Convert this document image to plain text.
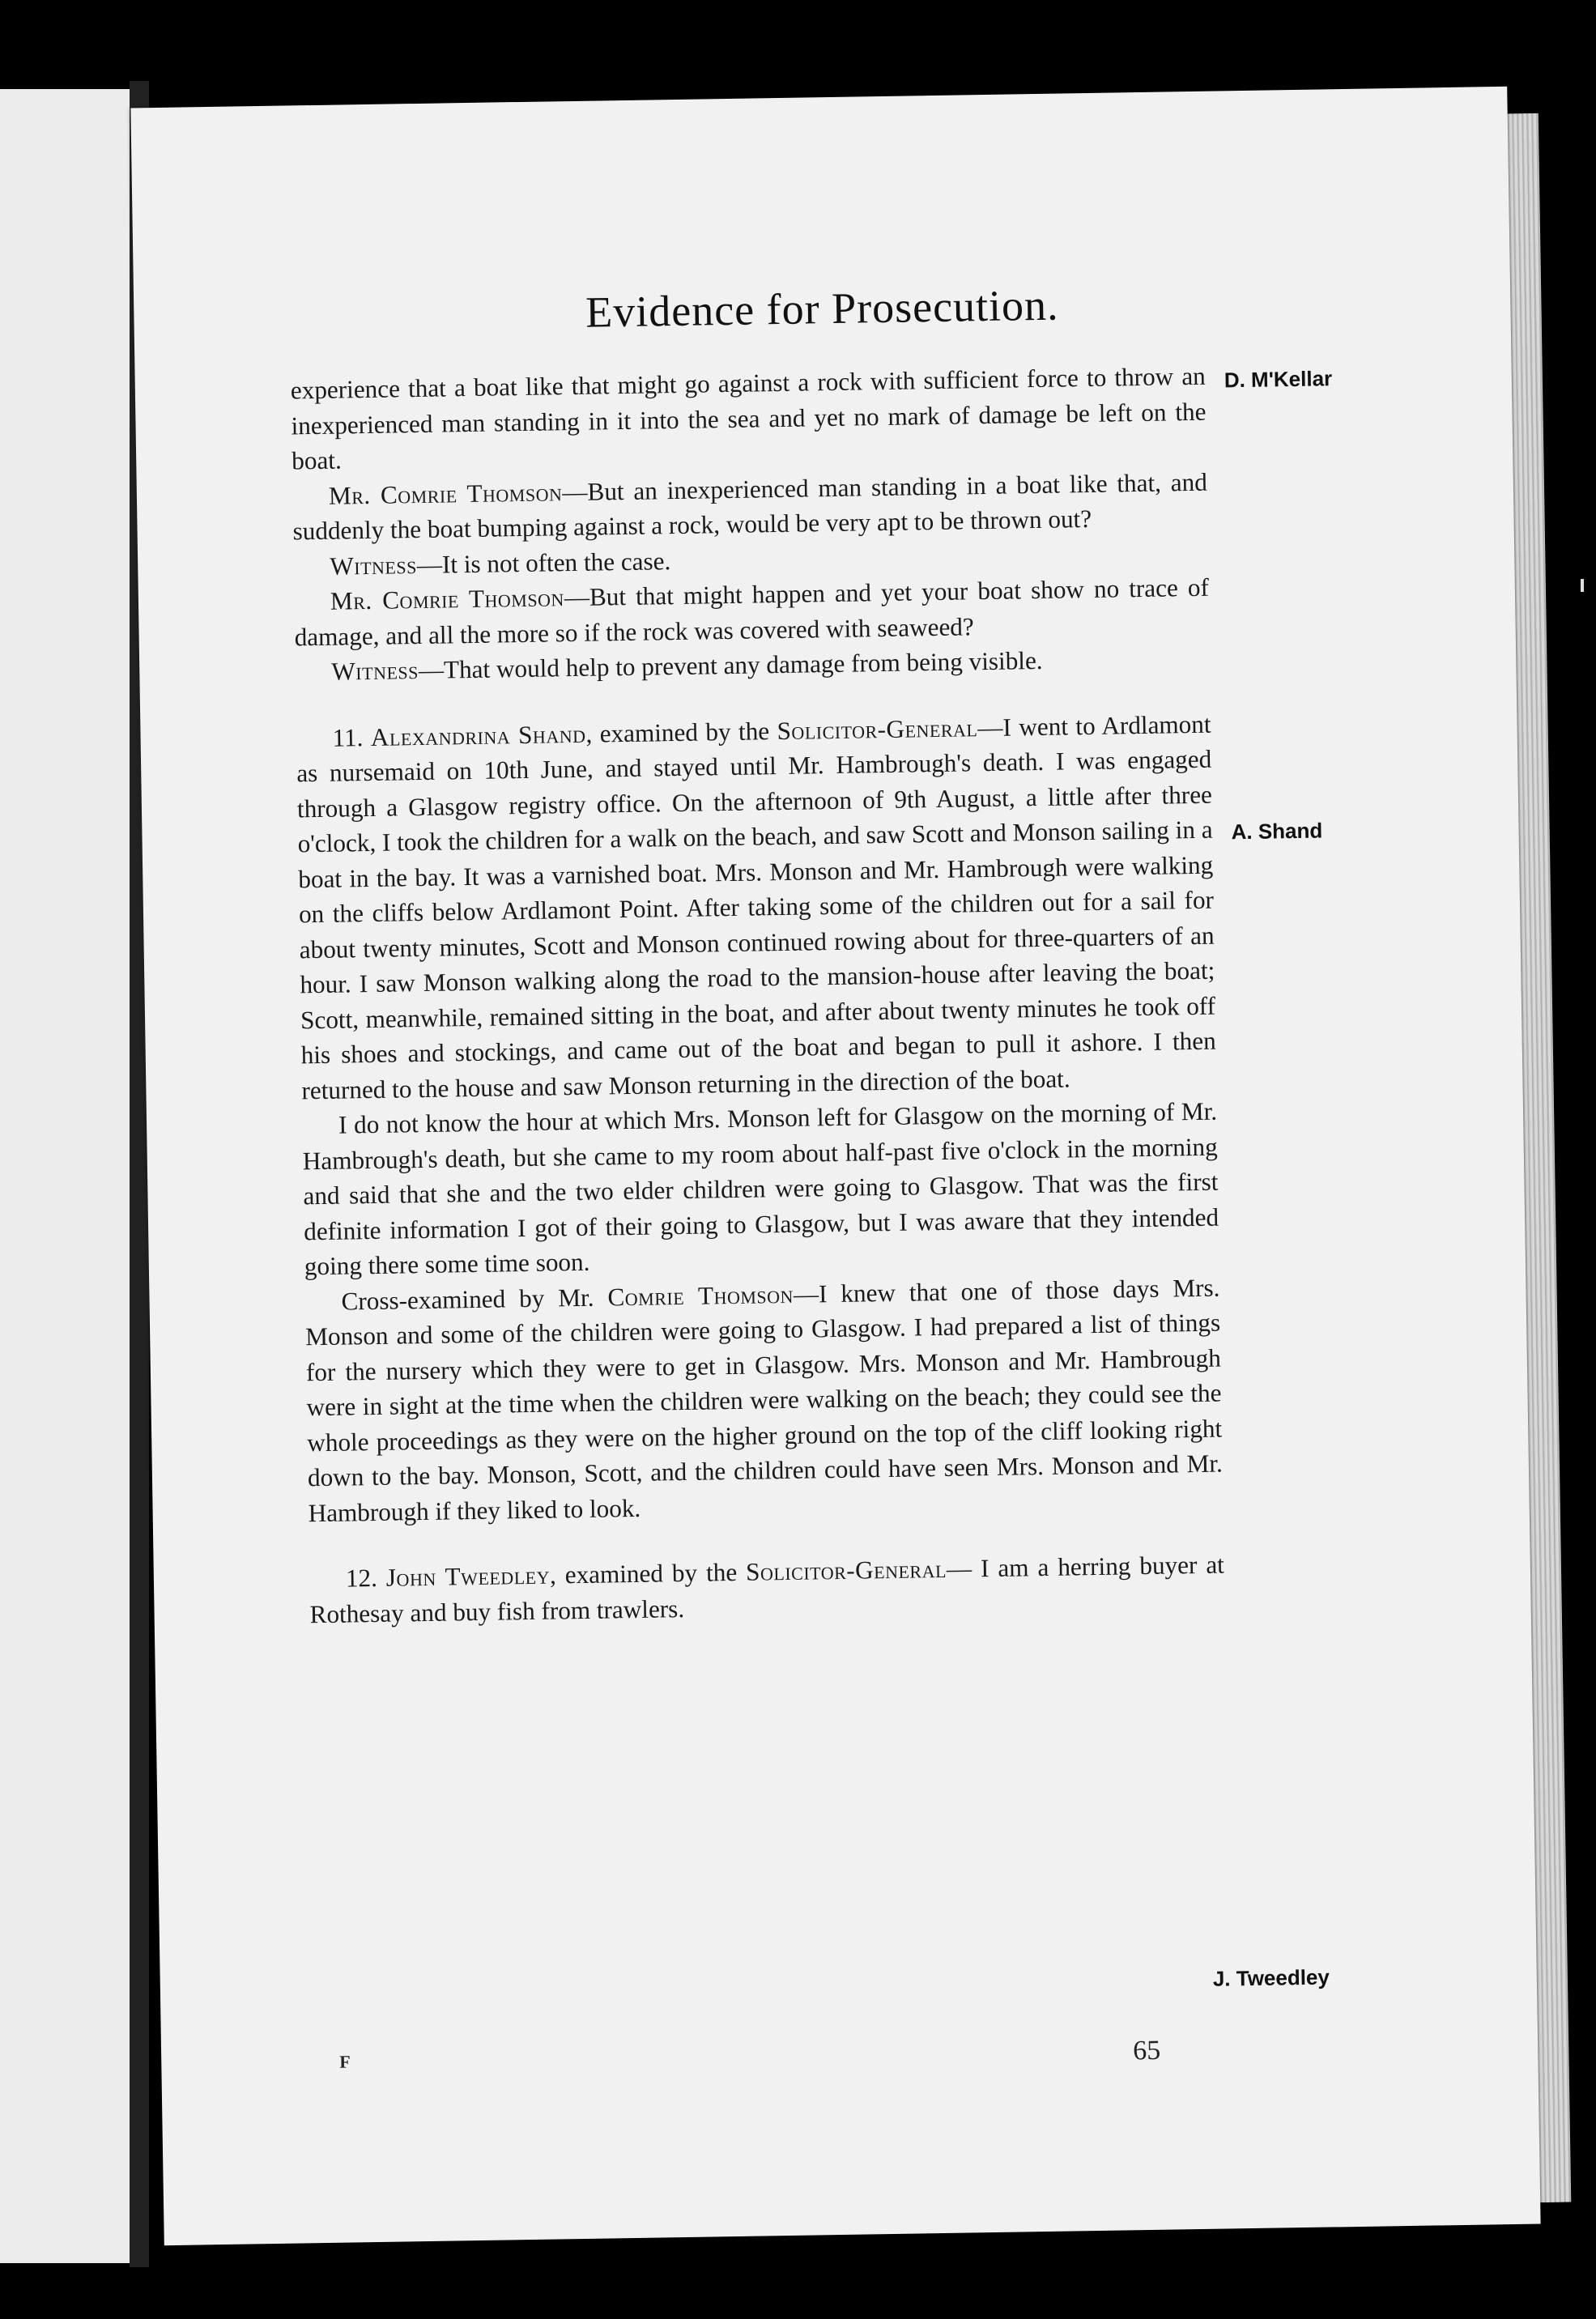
Evidence for Prosecution.

experience that a boat like that might go against a rock with sufficient force to throw an inexperienced man standing in it into the sea and yet no mark of damage be left on the boat.

Mr. Comrie Thomson—But an inexperienced man standing in a boat like that, and suddenly the boat bumping against a rock, would be very apt to be thrown out?

Witness—It is not often the case.

Mr. Comrie Thomson—But that might happen and yet your boat show no trace of damage, and all the more so if the rock was covered with seaweed?

Witness—That would help to prevent any damage from being visible.

11. Alexandrina Shand, examined by the Solicitor-General—I went to Ardlamont as nursemaid on 10th June, and stayed until Mr. Hambrough's death. I was engaged through a Glasgow registry office. On the afternoon of 9th August, a little after three o'clock, I took the children for a walk on the beach, and saw Scott and Monson sailing in a boat in the bay. It was a varnished boat. Mrs. Monson and Mr. Hambrough were walking on the cliffs below Ardlamont Point. After taking some of the children out for a sail for about twenty minutes, Scott and Monson continued rowing about for three-quarters of an hour. I saw Monson walking along the road to the mansion-house after leaving the boat; Scott, meanwhile, remained sitting in the boat, and after about twenty minutes he took off his shoes and stockings, and came out of the boat and began to pull it ashore. I then returned to the house and saw Monson returning in the direction of the boat.

I do not know the hour at which Mrs. Monson left for Glasgow on the morning of Mr. Hambrough's death, but she came to my room about half-past five o'clock in the morning and said that she and the two elder children were going to Glasgow. That was the first definite information I got of their going to Glasgow, but I was aware that they intended going there some time soon.

Cross-examined by Mr. Comrie Thomson—I knew that one of those days Mrs. Monson and some of the children were going to Glasgow. I had prepared a list of things for the nursery which they were to get in Glasgow. Mrs. Monson and Mr. Hambrough were in sight at the time when the children were walking on the beach; they could see the whole proceedings as they were on the higher ground on the top of the cliff looking right down to the bay. Monson, Scott, and the children could have seen Mrs. Monson and Mr. Hambrough if they liked to look.

12. John Tweedley, examined by the Solicitor-General— I am a herring buyer at Rothesay and buy fish from trawlers.

D. M'Kellar
A. Shand
J. Tweedley
F	65
